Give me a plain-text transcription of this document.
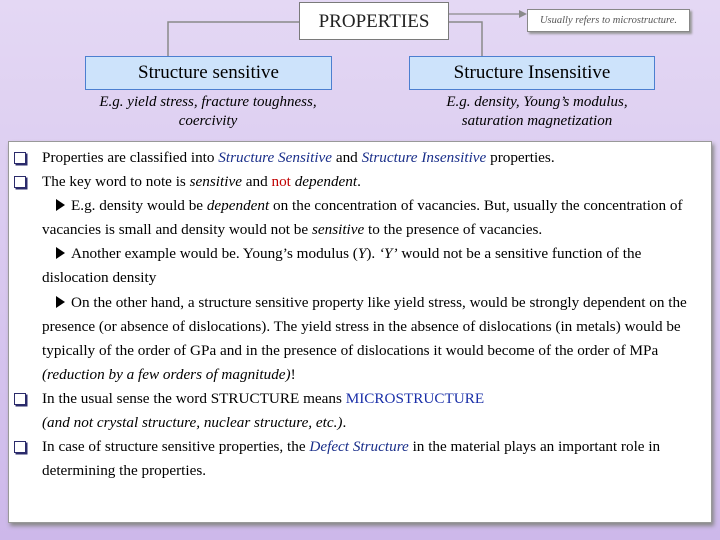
PROPERTIES	Usually refers to microstructure.
Structure sensitive	Structure Insensitive
E.g. yield stress, fracture toughness,
coercivity
E.g. density, Young’s modulus,
saturation magnetization
Properties are classified into Structure Sensitive and Structure Insensitive properties.
The key word to note is sensitive and not dependent.
E.g. density would be dependent on the concentration of vacancies. But, usually the concentration of vacancies is small and density would not be sensitive to the presence of vacancies.
Another example would be. Young’s modulus (Y). ‘Y’ would not be a sensitive function of the dislocation density
On the other hand, a structure sensitive property like yield stress, would be strongly dependent on the presence (or absence of dislocations). The yield stress in the absence of dislocations (in metals) would be typically of the order of GPa and in the presence of dislocations it would become of the order of MPa (reduction by a few orders of magnitude)!
In the usual sense the word STRUCTURE means MICROSTRUCTURE
(and not crystal structure, nuclear structure, etc.).
In case of structure sensitive properties, the Defect Structure in the material plays an important role in determining the properties.
